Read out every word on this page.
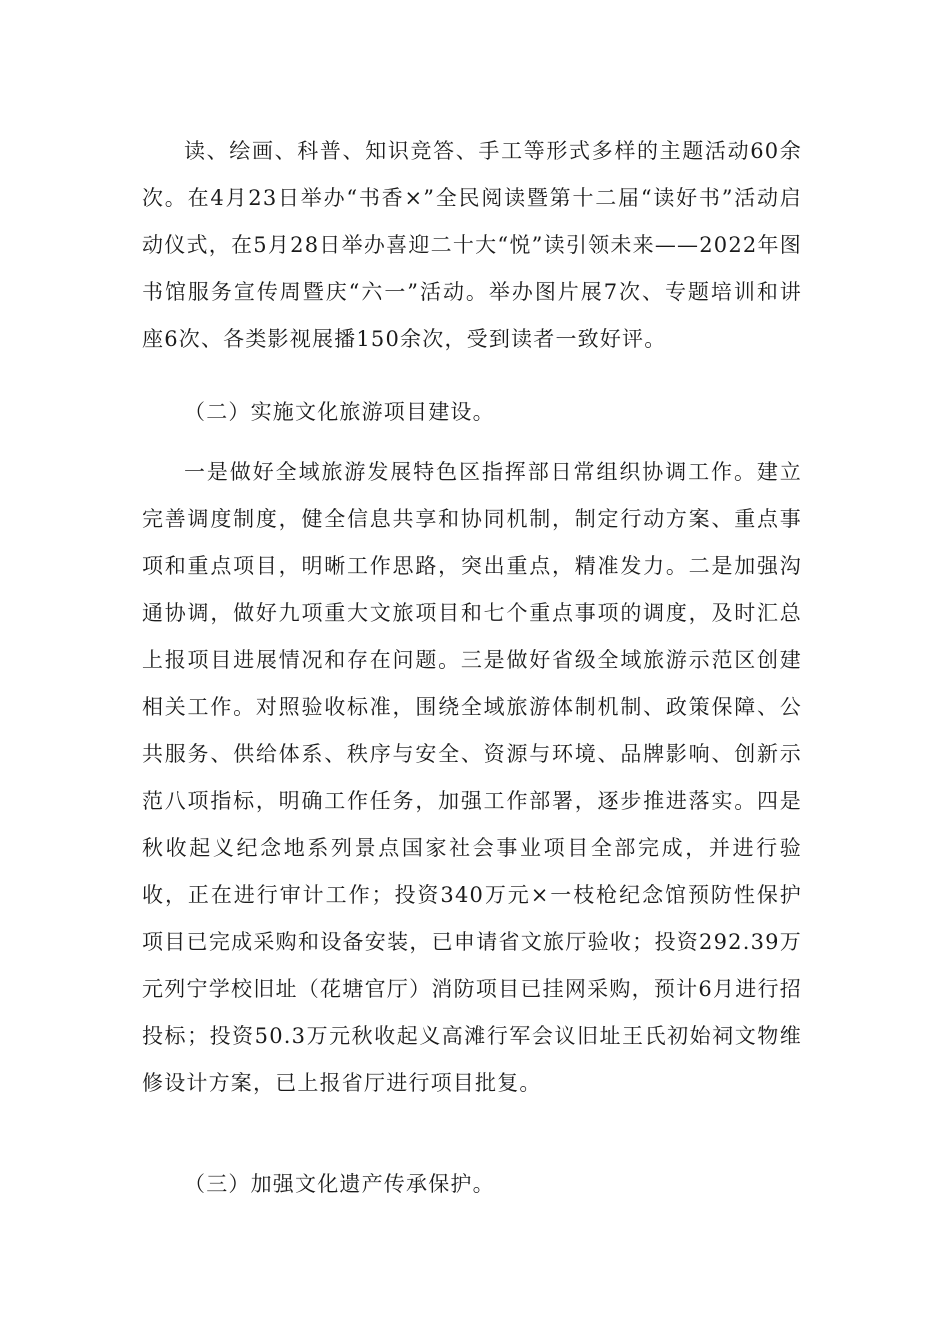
读、绘画、科普、知识竞答、手工等形式多样的主题活动60余次。在4月23日举办“书香×”全民阅读暨第十二届“读好书”活动启动仪式，在5月28日举办喜迎二十大“悦”读引领未来——2022年图书馆服务宣传周暨庆“六一”活动。举办图片展7次、专题培训和讲座6次、各类影视展播150余次，受到读者一致好评。

（二）实施文化旅游项目建设。

一是做好全域旅游发展特色区指挥部日常组织协调工作。建立完善调度制度，健全信息共享和协同机制，制定行动方案、重点事项和重点项目，明晰工作思路，突出重点，精准发力。二是加强沟通协调，做好九项重大文旅项目和七个重点事项的调度，及时汇总上报项目进展情况和存在问题。三是做好省级全域旅游示范区创建相关工作。对照验收标准，围绕全域旅游体制机制、政策保障、公共服务、供给体系、秩序与安全、资源与环境、品牌影响、创新示范八项指标，明确工作任务，加强工作部署，逐步推进落实。四是秋收起义纪念地系列景点国家社会事业项目全部完成，并进行验收，正在进行审计工作；投资340万元×一枝枪纪念馆预防性保护项目已完成采购和设备安装，已申请省文旅厅验收；投资292.39万元列宁学校旧址（花塘官厅）消防项目已挂网采购，预计6月进行招投标；投资50.3万元秋收起义高滩行军会议旧址王氏初始祠文物维修设计方案，已上报省厅进行项目批复。

（三）加强文化遗产传承保护。
